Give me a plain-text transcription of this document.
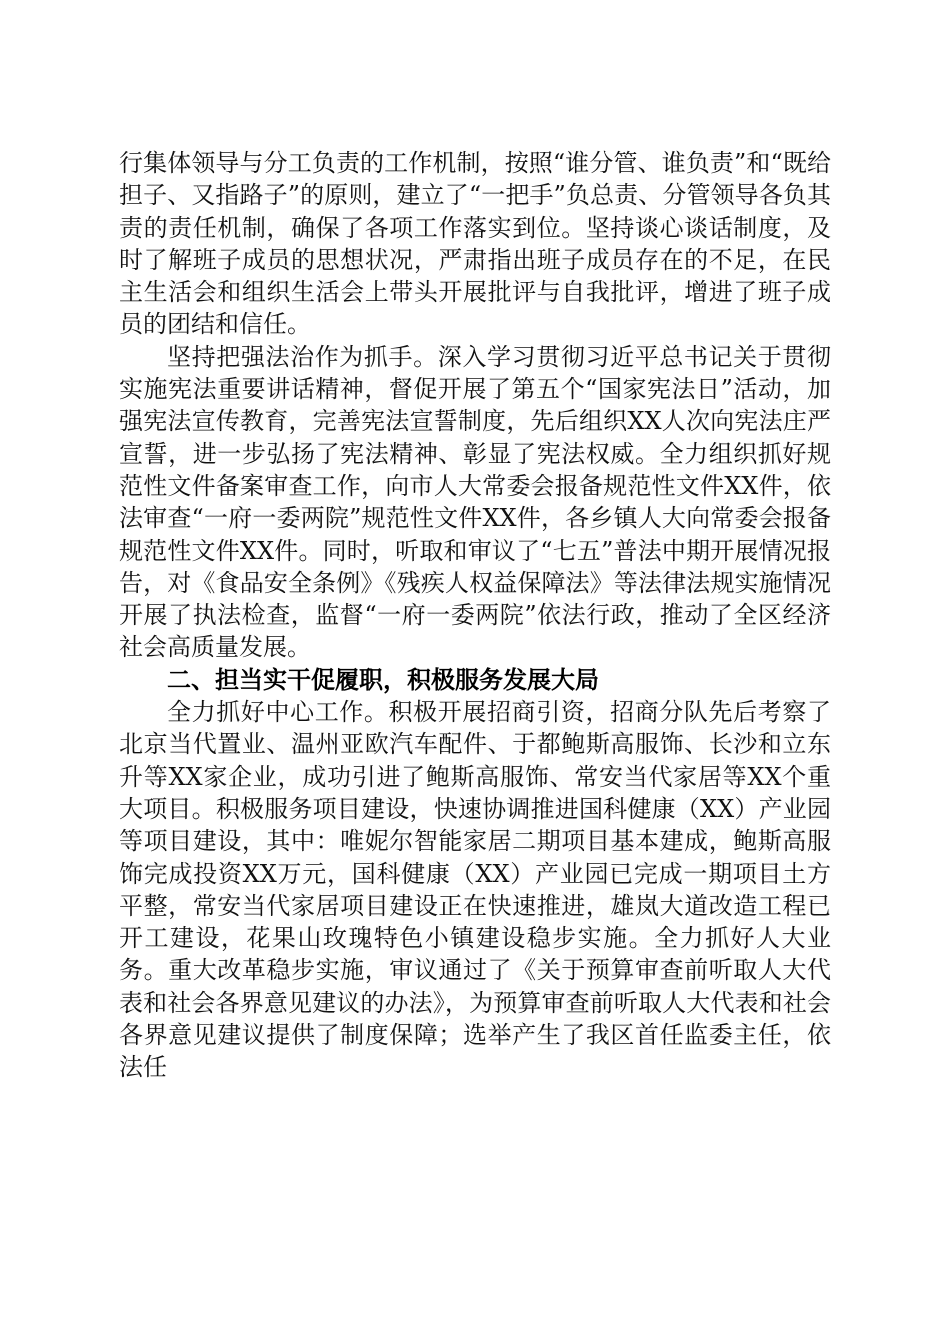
行集体领导与分工负责的工作机制，按照“谁分管、谁负责”和“既给担子、又指路子”的原则，建立了“一把手”负总责、分管领导各负其责的责任机制，确保了各项工作落实到位。坚持谈心谈话制度，及时了解班子成员的思想状况，严肃指出班子成员存在的不足，在民主生活会和组织生活会上带头开展批评与自我批评，增进了班子成员的团结和信任。

坚持把强法治作为抓手。深入学习贯彻习近平总书记关于贯彻实施宪法重要讲话精神，督促开展了第五个“国家宪法日”活动，加强宪法宣传教育，完善宪法宣誓制度，先后组织XX人次向宪法庄严宣誓，进一步弘扬了宪法精神、彰显了宪法权威。全力组织抓好规范性文件备案审查工作，向市人大常委会报备规范性文件XX件，依法审查“一府一委两院”规范性文件XX件，各乡镇人大向常委会报备规范性文件XX件。同时，听取和审议了“七五”普法中期开展情况报告，对《食品安全条例》《残疾人权益保障法》等法律法规实施情况开展了执法检查，监督“一府一委两院”依法行政，推动了全区经济社会高质量发展。

二、担当实干促履职，积极服务发展大局

全力抓好中心工作。积极开展招商引资，招商分队先后考察了北京当代置业、温州亚欧汽车配件、于都鲍斯高服饰、长沙和立东升等XX家企业，成功引进了鲍斯高服饰、常安当代家居等XX个重大项目。积极服务项目建设，快速协调推进国科健康（XX）产业园等项目建设，其中：唯妮尔智能家居二期项目基本建成，鲍斯高服饰完成投资XX万元，国科健康（XX）产业园已完成一期项目土方平整，常安当代家居项目建设正在快速推进，雄岚大道改造工程已开工建设，花果山玫瑰特色小镇建设稳步实施。全力抓好人大业务。重大改革稳步实施，审议通过了《关于预算审查前听取人大代表和社会各界意见建议的办法》，为预算审查前听取人大代表和社会各界意见建议提供了制度保障；选举产生了我区首任监委主任，依法任
